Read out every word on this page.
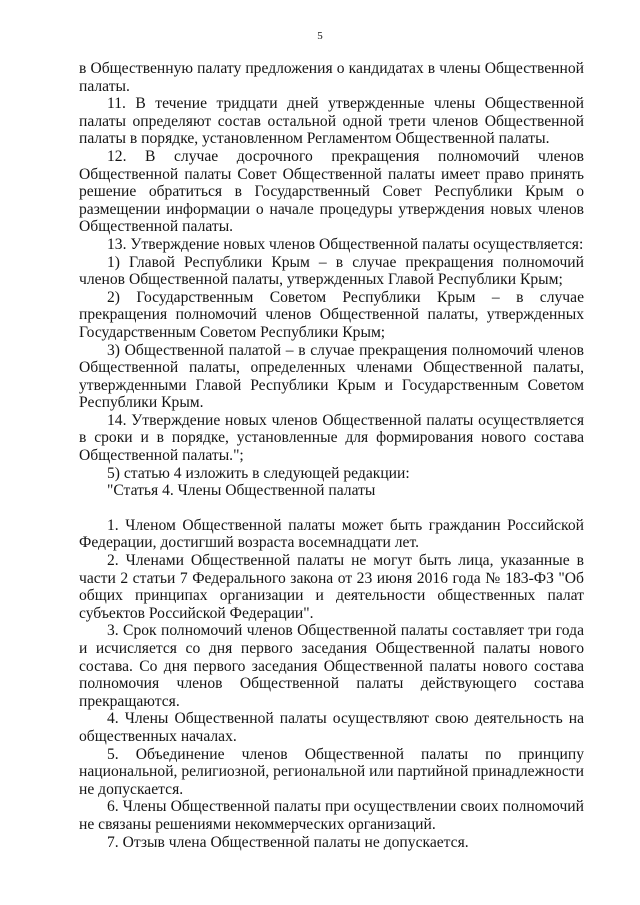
5

в Общественную палату предложения о кандидатах в члены Общественной палаты.

11. В течение тридцати дней утвержденные члены Общественной палаты определяют состав остальной одной трети членов Общественной палаты в порядке, установленном Регламентом Общественной палаты.

12. В случае досрочного прекращения полномочий членов Общественной палаты Совет Общественной палаты имеет право принять решение обратиться в Государственный Совет Республики Крым о размещении информации о начале процедуры утверждения новых членов Общественной палаты.

13. Утверждение новых членов Общественной палаты осуществляется:

1) Главой Республики Крым – в случае прекращения полномочий членов Общественной палаты, утвержденных Главой Республики Крым;

2) Государственным Советом Республики Крым – в случае прекращения полномочий членов Общественной палаты, утвержденных Государственным Советом Республики Крым;

3) Общественной палатой – в случае прекращения полномочий членов Общественной палаты, определенных членами Общественной палаты, утвержденными Главой Республики Крым и Государственным Советом Республики Крым.

14. Утверждение новых членов Общественной палаты осуществляется в сроки и в порядке, установленные для формирования нового состава Общественной палаты.";

5) статью 4 изложить в следующей редакции:

"Статья 4. Члены Общественной палаты

1. Членом Общественной палаты может быть гражданин Российской Федерации, достигший возраста восемнадцати лет.

2. Членами Общественной палаты не могут быть лица, указанные в части 2 статьи 7 Федерального закона от 23 июня 2016 года № 183-ФЗ "Об общих принципах организации и деятельности общественных палат субъектов Российской Федерации".

3. Срок полномочий членов Общественной палаты составляет три года и исчисляется со дня первого заседания Общественной палаты нового состава. Со дня первого заседания Общественной палаты нового состава полномочия членов Общественной палаты действующего состава прекращаются.

4. Члены Общественной палаты осуществляют свою деятельность на общественных началах.

5. Объединение членов Общественной палаты по принципу национальной, религиозной, региональной или партийной принадлежности не допускается.

6. Члены Общественной палаты при осуществлении своих полномочий не связаны решениями некоммерческих организаций.

7. Отзыв члена Общественной палаты не допускается.
